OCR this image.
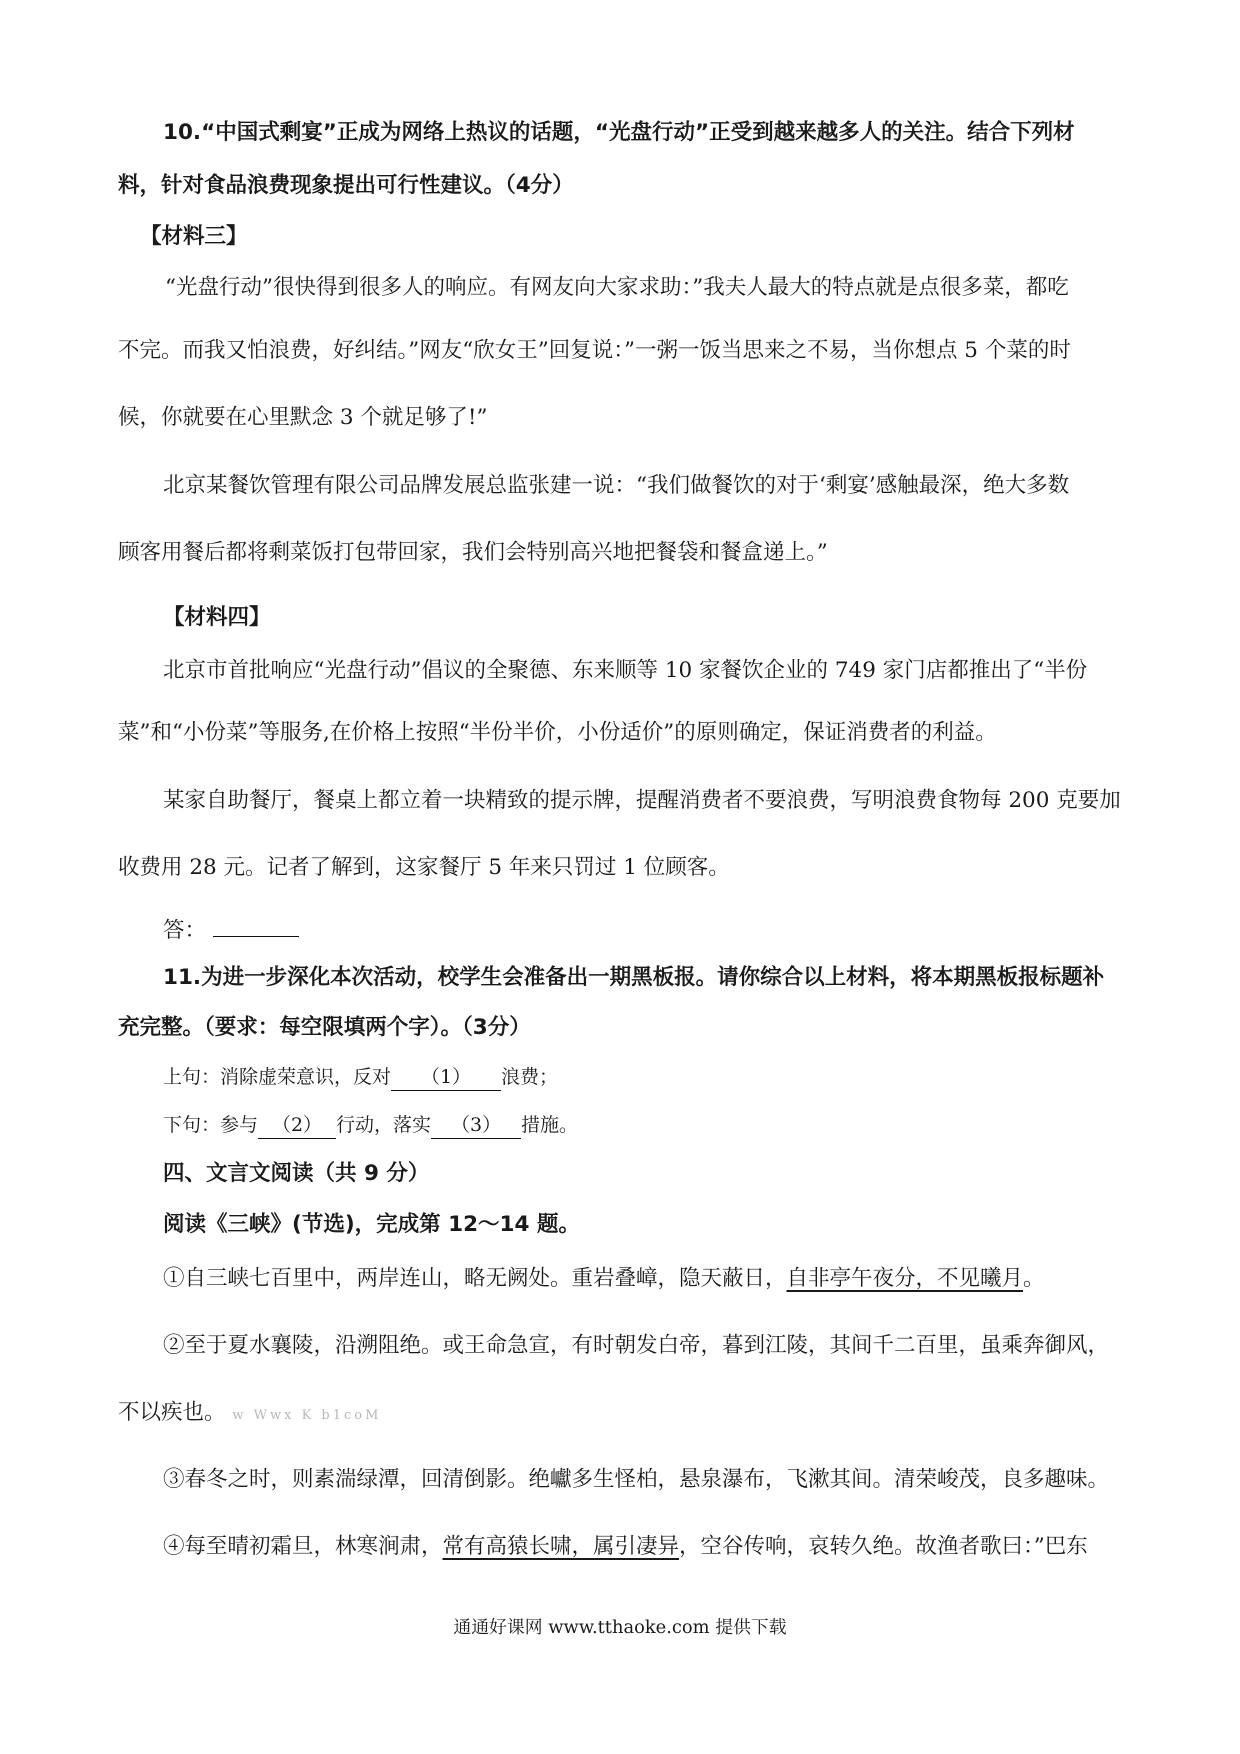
10.“中国式剩宴”正成为网络上热议的话题，“光盘行动”正受到越来越多人的关注。结合下列材
料，针对食品浪费现象提出可行性建议。（4分）
【材料三】
“光盘行动”很快得到很多人的响应。有网友向大家求助：”我夫人最大的特点就是点很多菜，都吃
不完。而我又怕浪费，好纠结。”网友“欣女王”回复说：”一粥一饭当思来之不易，当你想点 5 个菜的时
候，你就要在心里默念 3 个就足够了!”
北京某餐饮管理有限公司品牌发展总监张建一说：“我们做餐饮的对于‘剩宴’感触最深，绝大多数
顾客用餐后都将剩菜饭打包带回家，我们会特别高兴地把餐袋和餐盒递上。”
【材料四】
北京市首批响应“光盘行动”倡议的全聚德、东来顺等 10 家餐饮企业的 749 家门店都推出了“半份
菜”和“小份菜”等服务,在价格上按照“半份半价，小份适价”的原则确定，保证消费者的利益。
某家自助餐厅，餐桌上都立着一块精致的提示牌，提醒消费者不要浪费，写明浪费食物每 200 克要加
收费用 28 元。记者了解到，这家餐厅 5 年来只罚过 1 位顾客。
答：
11.为进一步深化本次活动，校学生会准备出一期黑板报。请你综合以上材料，将本期黑板报标题补
充完整。（要求：每空限填两个字）。（3分）
上句：消除虚荣意识，反对 （1） 浪费；
下句：参与 （2） 行动，落实 （3） 措施。
四、文言文阅读（共 9 分）
阅读《三峡》(节选)，完成第 12～14 题。
①自三峡七百里中，两岸连山，略无阙处。重岩叠嶂，隐天蔽日，自非亭午夜分，不见曦月。
②至于夏水襄陵，沿溯阻绝。或王命急宣，有时朝发白帝，暮到江陵，其间千二百里，虽乘奔御风，
不以疾也。 w Wwx K b1coM
③春冬之时，则素湍绿潭，回清倒影。绝巘多生怪柏，悬泉瀑布，飞漱其间。清荣峻茂，良多趣味。
④每至晴初霜旦，林寒涧肃，常有高猿长啸，属引凄异，空谷传响，哀转久绝。故渔者歌曰：”巴东
通通好课网 www.tthaoke.com 提供下载
